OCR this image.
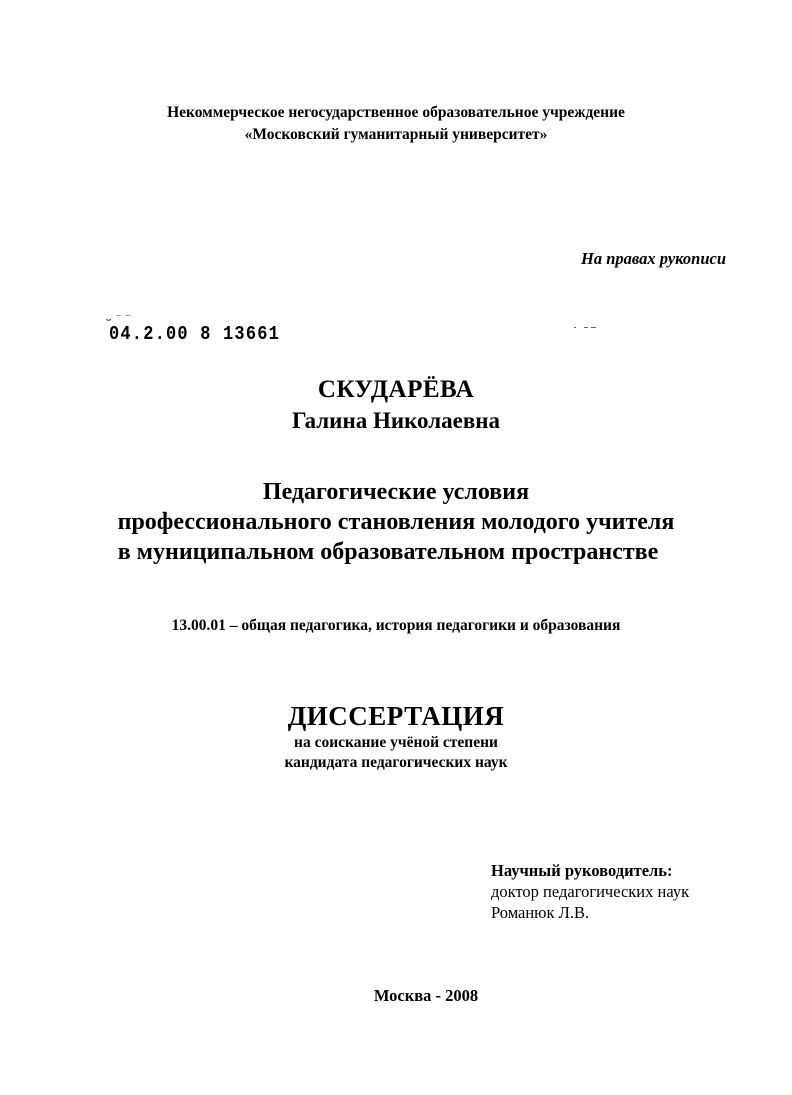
Некоммерческое негосударственное образовательное учреждение
«Московский гуманитарный университет»
На правах рукописи
⌣ ‾ ‾
04.2.00 8 13661
СКУДАРЁВА
Галина Николаевна
Педагогические условия
профессионального становления молодого учителя
в муниципальном образовательном пространстве
13.00.01 – общая педагогика, история педагогики и образования
ДИССЕРТАЦИЯ
на соискание учёной степени
кандидата педагогических наук
Научный руководитель:
доктор педагогических наук
Романюк Л.В.
Москва - 2008
